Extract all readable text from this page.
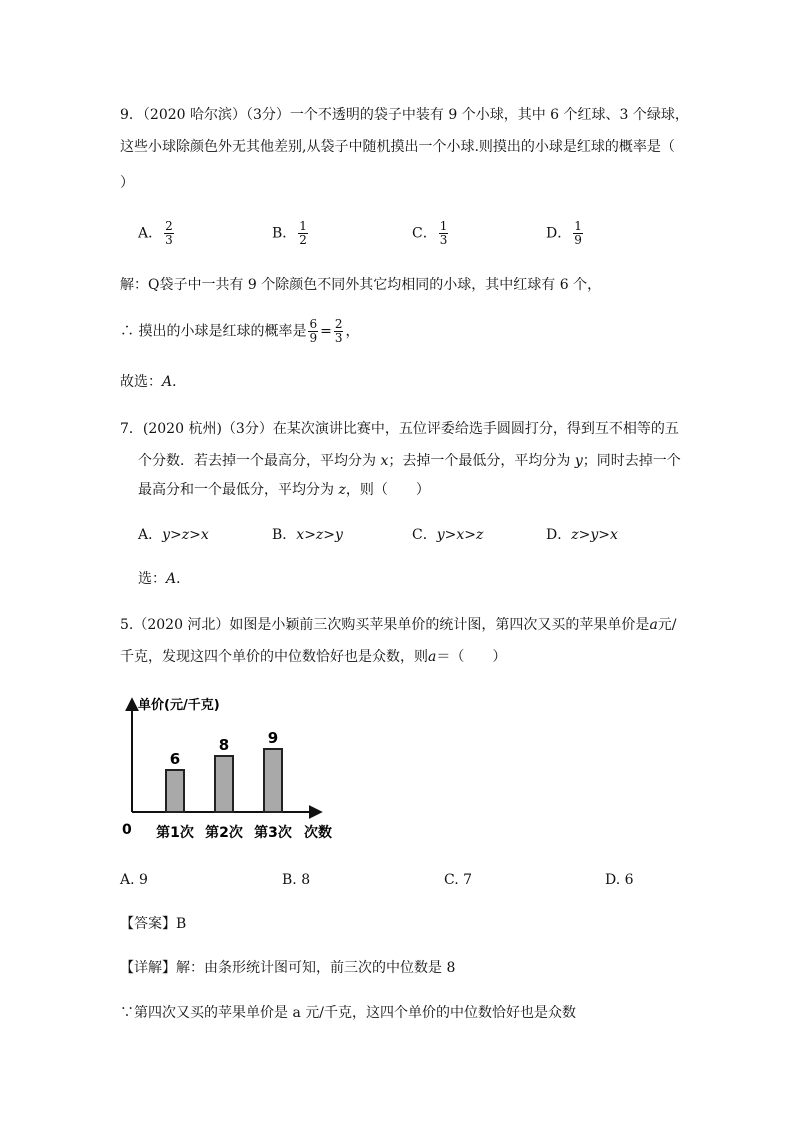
9．（2020 哈尔滨）（3分）一个不透明的袋子中装有 9 个小球，其中 6 个红球、3 个绿球，
这些小球除颜色外无其他差别,从袋子中随机摸出一个小球.则摸出的小球是红球的概率是（
）
A． $\frac{2}{3}$	B． $\frac{1}{2}$	C． $\frac{1}{3}$	D． $\frac{1}{9}$
解：Q袋子中一共有 9 个除颜色不同外其它均相同的小球，其中红球有 6 个，
∴ 摸出的小球是红球的概率是 $\frac{6}{9} = \frac{2}{3}$ ，
故选：A．
7．(2020 杭州)（3分）在某次演讲比赛中，五位评委给选手圆圆打分，得到互不相等的五
个分数．若去掉一个最高分，平均分为 x；去掉一个最低分，平均分为 y；同时去掉一个
最高分和一个最低分，平均分为 z，则（　　）
A．y>z>x	B．x>z>y	C．y>x>z	D．z>y>x
选：A．
5.（2020 河北）如图是小颖前三次购买苹果单价的统计图，第四次又买的苹果单价是a元/
千克，发现这四个单价的中位数恰好也是众数，则a＝（　　）
单价(元/千克)
0	次数
6
第1次
8
第2次
9
第3次
A. 9	B. 8	C. 7	D. 6
【答案】B
【详解】解：由条形统计图可知，前三次的中位数是 8
∵第四次又买的苹果单价是 a 元/千克，这四个单价的中位数恰好也是众数
